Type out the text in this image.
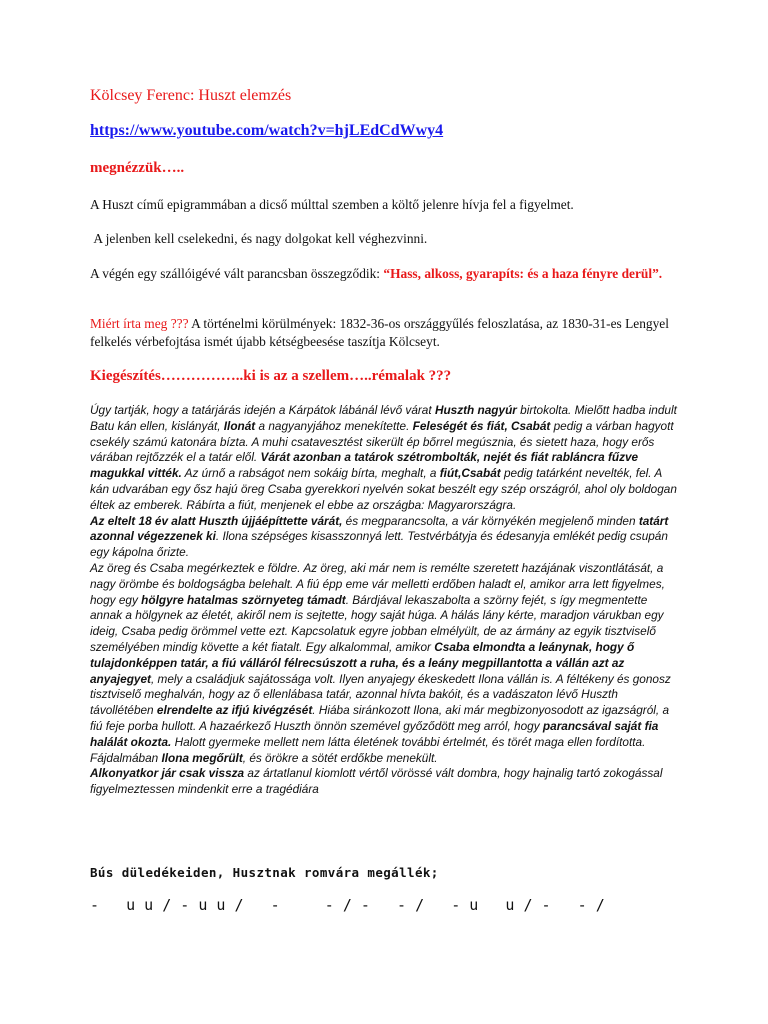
Kölcsey Ferenc: Huszt elemzés
https://www.youtube.com/watch?v=hjLEdCdWwy4
megnézzük…..
A Huszt című epigrammában a dicső múlttal szemben a költő jelenre hívja fel a figyelmet.
A jelenben kell cselekedni, és nagy dolgokat kell véghezvinni.
A végén egy szállóigévé vált parancsban összegződik: “Hass, alkoss, gyarapíts: és a haza fényre derül”.
Miért írta meg ??? A történelmi körülmények: 1832-36-os országgyűlés feloszlatása, az 1830-31-es Lengyel felkelés vérbefojtása ismét újabb kétségbeesése taszítja Kölcseyt.
Kiegészítés……………..ki is az a szellem…..rémalak ???
Úgy tartják, hogy a tatárjárás idején a Kárpátok lábánál lévő várat Huszth nagyúr birtokolta. Mielőtt hadba indult Batu kán ellen, kislányát, Ilonát a nagyanyjához menekítette. Feleségét és fiát, Csabát pedig a várban hagyott csekély számú katonára bízta. A muhi csatavesztést sikerült ép bőrrel megúsznia, és sietett haza, hogy erős várában rejtőzzék el a tatár elől. Várát azonban a tatárok szétrombolták, nejét és fiát rabláncra fűzve magukkal vitték. Az úrnő a rabságot nem sokáig bírta, meghalt, a fiút,Csabát pedig tatárként nevelték, fel. A kán udvarában egy ősz hajú öreg Csaba gyerekkori nyelvén sokat beszélt egy szép országról, ahol oly boldogan éltek az emberek. Rábírta a fiút, menjenek el ebbe az országba: Magyarországra.
Az eltelt 18 év alatt Huszth újjáépíttette várát, és megparancsolta, a vár környékén megjelenő minden tatárt azonnal végezzenek ki. Ilona szépséges kisasszonnyá lett. Testvérbátyja és édesanyja emlékét pedig csupán egy kápolna őrizte.
Az öreg és Csaba megérkeztek e földre. Az öreg, aki már nem is remélte szeretett hazájának viszontlátását, a nagy örömbe és boldogságba belehalt. A fiú épp eme vár melletti erdőben haladt el, amikor arra lett figyelmes, hogy egy hölgyre hatalmas szörnyeteg támadt. Bárdjával lekaszabolta a szörny fejét, s így megmentette annak a hölgynek az életét, akiről nem is sejtette, hogy saját húga. A hálás lány kérte, maradjon várukban egy ideig, Csaba pedig örömmel vette ezt. Kapcsolatuk egyre jobban elmélyült, de az ármány az egyik tisztviselő személyében mindig követte a két fiatalt. Egy alkalommal, amikor Csaba elmondta a leánynak, hogy ő tulajdonképpen tatár, a fiú válláról félrecsúszott a ruha, és a leány megpillantotta a vállán azt az anyajegyet, mely a családjuk sajátossága volt. Ilyen anyajegy ékeskedett Ilona vállán is. A féltékeny és gonosz tisztviselő meghalván, hogy az ő ellenlábasa tatár, azonnal hívta bakóit, és a vadászaton lévő Huszth távollétében elrendelte az ifjú kivégzését. Hiába siránkozott Ilona, aki már megbizonyosodott az igazságról, a fiú feje porba hullott. A hazaérkező Huszth önnön szemével győződött meg arról, hogy parancsával saját fia halálát okozta. Halott gyermeke mellett nem látta életének további értelmét, és törét maga ellen fordította. Fájdalmában Ilona megőrült, és örökre a sötét erdőkbe menekült.
Alkonyatkor jár csak vissza az ártatlanul kiomlott vértől vörössé vált dombra, hogy hajnalig tartó zokogással figyelmeztessen mindenkit erre a tragédiára
Bús düledékeiden, Husztnak romvára megállék;
-   u u / - u u /   -     - / -   - /   - u   u / -   - /
